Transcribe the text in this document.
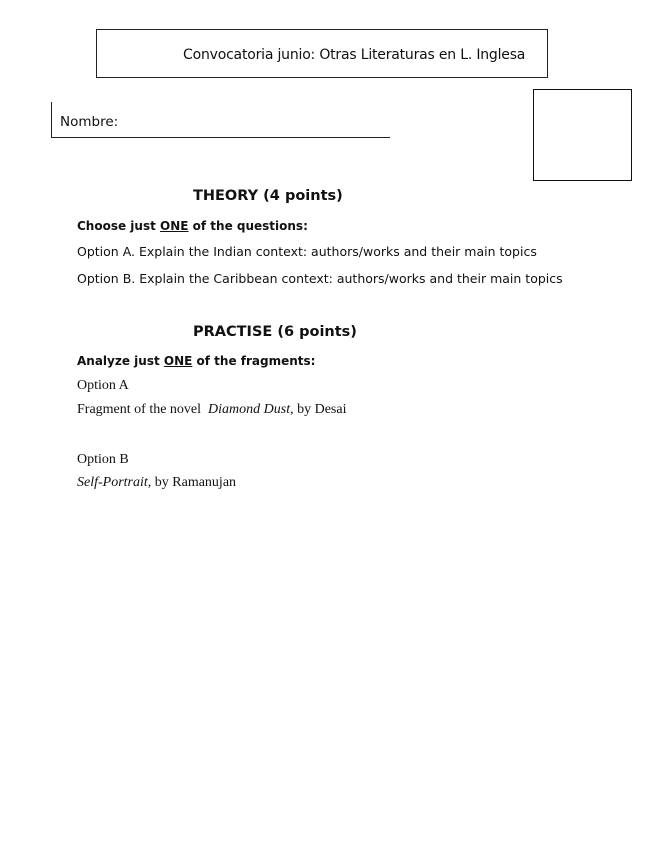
Convocatoria junio: Otras Literaturas en L. Inglesa
Nombre:
THEORY (4 points)
Choose just ONE of the questions:
Option A. Explain the Indian context: authors/works and their main topics
Option B. Explain the Caribbean context: authors/works and their main topics
PRACTISE (6 points)
Analyze just ONE of the fragments:
Option A
Fragment of the novel  Diamond Dust, by Desai
Option B
Self-Portrait, by Ramanujan
